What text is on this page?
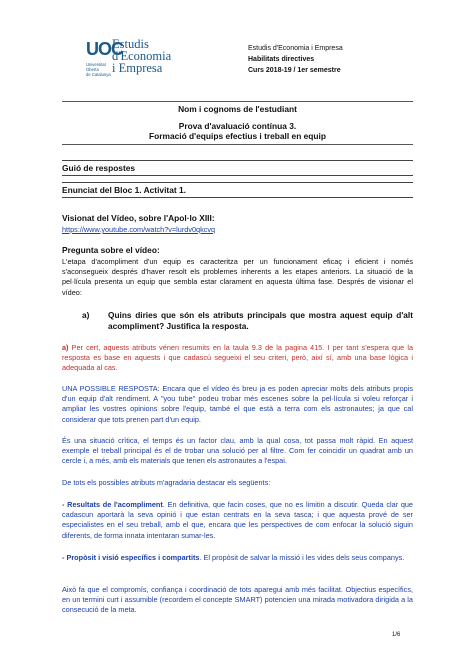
UOC
Estudis
d'Economia
i Empresa
Universitat
Oberta
de Catalunya
Estudis d'Economia i Empresa
Habilitats directives
Curs 2018-19 / 1er semestre
Nom i cognoms de l'estudiant
Prova d'avaluació contínua 3.
Formació d'equips efectius i treball en equip
Guió de respostes
Enunciat del Bloc 1. Activitat 1.
Visionat del Vídeo, sobre l'Apol·lo XIII:
https://www.youtube.com/watch?v=lurdv0qkcvq
Pregunta sobre el vídeo:
L'etapa d'acompliment d'un equip es caracteritza per un funcionament eficaç i eficient i només s'aconsegueix després d'haver resolt els problemes inherents a les etapes anteriors. La situació de la pel·lícula presenta un equip que sembla estar clarament en aquesta última fase. Després de visionar el vídeo:
a) Quins diries que són els atributs principals que mostra aquest equip d'alt acompliment? Justifica la resposta.
a) Per cert, aquests atributs vénen resumits en la taula 9.3 de la pagina 415. I per tant s'espera que la resposta es base en aquests i que cadascú segueixi el seu criteri, però, així sí, amb una base lògica i adequada al cas.
UNA POSSIBLE RESPOSTA: Encara que el vídeo és breu ja es poden apreciar molts dels atributs propis d'un equip d'alt rendiment. A "you tube" podeu trobar més escenes sobre la pel·lícula si voleu reforçar i ampliar les vostres opinions sobre l'equip, també el que està a terra com els astronautes; ja que cal considerar que tots prenen part d'un equip.
És una situació crítica, el temps és un factor clau, amb la qual cosa, tot passa molt ràpid. En aquest exemple el treball principal és el de trobar una solució per al filtre. Com fer coincidir un quadrat amb un cercle i, a més, amb els materials que tenen els astronautes a l'espai.
De tots els possibles atributs m'agradaria destacar els següents:
- Resultats de l'acompliment. En definitiva, que facin coses, que no es limitin a discutir. Queda clar que cadascun aportarà la seva opinió i que estan centrats en la seva tasca; i que aquesta prové de ser especialistes en el seu treball, amb el que, encara que les perspectives de com enfocar la solució siguin diferents, de forma innata intentaran sumar-les.
- Propòsit i visió específics i compartits. El propòsit de salvar la missió i les vides dels seus companys.
Això fa que el compromís, confiança i coordinació de tots aparegui amb més facilitat. Objectius específics, en un termini curt i assumible (recordem el concepte SMART) potencien una mirada motivadora dirigida a la consecució de la meta.
1/6
